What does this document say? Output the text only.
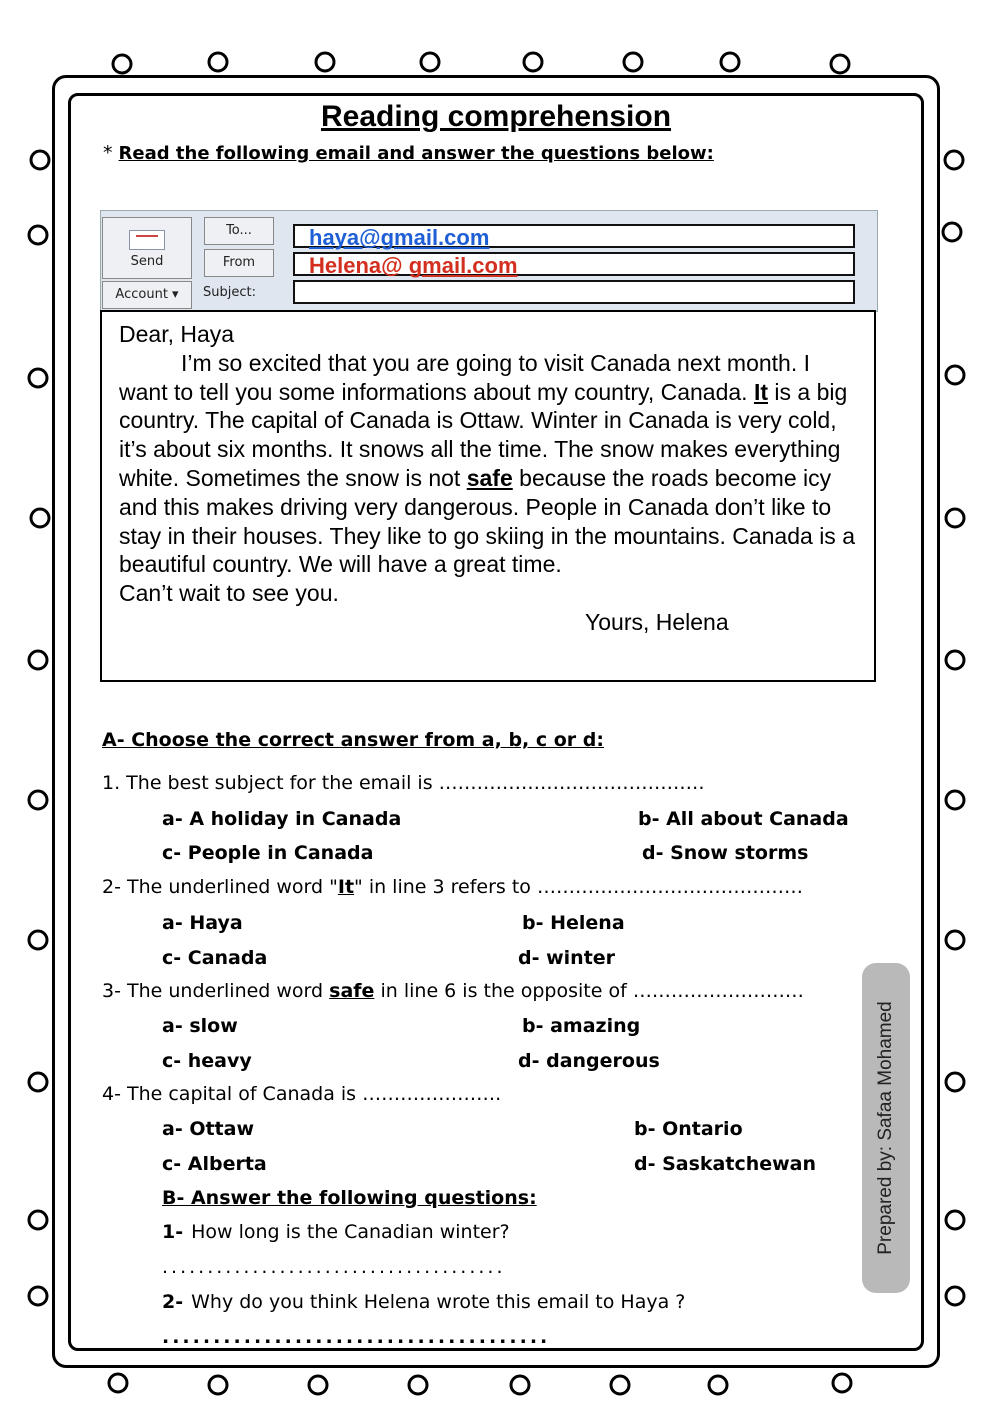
Reading comprehension
* Read the following email and answer the questions below:
Send
To...
From
Account ▾	Subject:
haya@gmail.com
Helena@ gmail.com

Dear, Haya

I’m so excited that you are going to visit Canada next month. I want to tell you some informations about my country, Canada. It is a big country. The capital of Canada is Ottaw. Winter in Canada is very cold, it’s about six months. It snows all the time. The snow makes everything white. Sometimes the snow is not safe because the roads become icy and this makes driving very dangerous. People in Canada don’t like to stay in their houses. They like to go skiing in the mountains. Canada is a beautiful country. We will have a great time.

Can’t wait to see you.

Yours, Helena

A- Choose the correct answer from a, b, c or d:
1. The best subject for the email is ……………………………………
a- A holiday in Canada	b- All about Canada
c- People in Canada	d- Snow storms
2- The underlined word "It" in line 3 refers to ……………………………………
a- Haya	b- Helena
c- Canada	d- winter
3- The underlined word safe in line 6 is the opposite of ………………………
a- slow	b- amazing
c- heavy	d- dangerous
4- The capital of Canada is ………………….
a- Ottaw	b- Ontario
c- Alberta	d- Saskatchewan
B- Answer the following questions:
1- How long is the Canadian winter?
......................................
2- Why do you think Helena wrote this email to Haya ?
......................................
Prepared by: Safaa Mohamed
